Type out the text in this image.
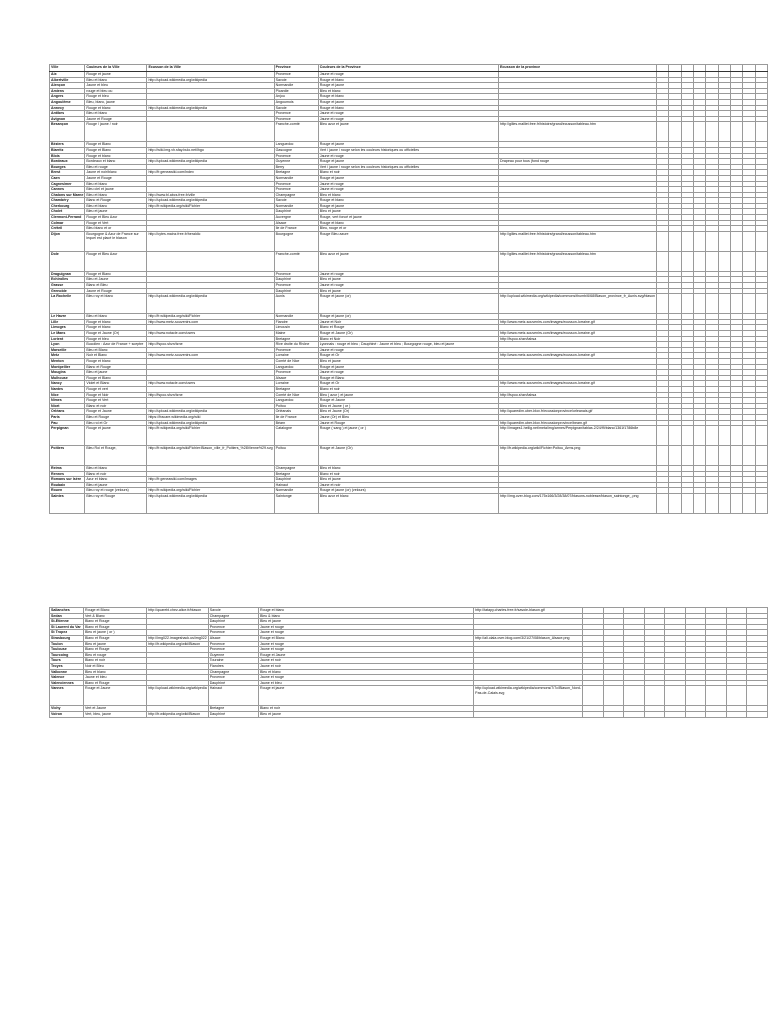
Ville	Couleurs de la Ville	Ecusson de la Ville	Province	Couleurs de la Province	Ecusson de la province									
Aix	Rouge et jaune		Provence	Jaune et rouge										
Albertville	Bleu et blanc	http://upload.wikimedia.org/wikipedia	Savoie	Rouge et blanc										
Alençon	Jaune et bleu		Normandie	Rouge et jaune										
Amiens	rouge et bleu ou		Picardie	Bleu et blanc										
Angers	Rouge et bleu		Anjou	Rouge et blanc										
Angoulême	Bleu, blanc, jaune		Angoumois	Rouge et jaune										
Annecy	Rouge et blanc	http://upload.wikimedia.org/wikipedia	Savoie	Rouge et blanc										
Antibes	Bleu et blanc		Provence	Jaune et rouge										
Avignon	Jaune et Rouge		Provence	Jaune et rouge										
Besançon	Rouge / jaune / noir		Franche-comté	Bleu azur et jaune	http://gilles.maillet.free.fr/histoire/grand/ecusson/tableau.htm									
Béziers	Rouge et Blanc		Languedoc	Rouge et jaune										
Biarritz	Rouge et Blanc	http://wiki.img.vh.sfay.bulo.net/lhgo	Gascogne	Vert / jaune / rouge selon les couleurs historiques ou officielles										
Blois	Rouge et blanc		Provence	Jaune et rouge										
Bordeaux	Bordeaux et blanc	http://upload.wikimedia.org/wikipedia	Guyenne	Rouge et jaune	Drapeau pour tous (fond rouge									
Bourges	Bleu et rouge		Berry	Vert / jaune / rouge selon les couleurs historiques ou officielles										
Brest	Jaune et noir/blanc	http://fr.geneawiki.com/index	Bretagne	Blanc et noir										
Caen	Jaune et Rouge		Normandie	Rouge et jaune										
Cagnes/mer	Bleu et blanc		Provence	Jaune et rouge										
Cannes	Bleu ciel et jaune		Provence	Jaune et rouge										
Chalons sur Marne	Bleu et blanc	http://www.bl.abcs.free.fr/ville	Champagne	Bleu et blanc										
Chambéry	Blanc et Rouge	http://upload.wikimedia.org/wikipedia	Savoie	Rouge et blanc										
Cherbourg	Bleu et blanc	http://fr.wikipedia.org/wiki/Fichier	Normandie	Rouge et jaune										
Cholet	Bleu et jaune		Dauphiné	Bleu et jaune										
Clermont-Ferrand	Rouge et Bleu Azur		Auvergne	Rouge, vert foncé et jaune										
Colmar	Rouge et Vert		Alsace	Rouge et blanc										
Créteil	Bleu blanc et or		Ile de France	Bleu, rouge et or										
Dijon	Bourgogne & Azur de France sur lequel est placé le blason	http://cytes.mainz.free.fr/heraldic	Bourgogne	Rouge Bleu azure	http://gilles.maillet.free.fr/histoire/grand/ecusson/tableau.htm									
Dole	Rouge et Bleu Azur		Franche-comté	Bleu azur et jaune	http://gilles.maillet.free.fr/histoire/grand/ecusson/tableau.htm									
Draguignan	Rouge et Blanc		Provence	Jaune et rouge										
Echirolles	Bleu et Jaune		Dauphiné	Bleu et jaune										
Grasse	Blanc et Bleu		Provence	Jaune et rouge										
Grenoble	Jaune et Rouge		Dauphiné	Bleu et jaune										
La Rochelle	Bleu roy et blanc	http://upload.wikimedia.org/wikipedia	Aunis	Rouge et jaune (or)	http://upload.wikimedia.org/wikipedia/commons/thumb/6/68/Blason_province_fr_Aunis.svg/blason									
Le Havre	Bleu et blanc	http://fr.wikipedia.org/wiki/Fichier	Normandie	Rouge et jaune (or)										
Lille	Rouge et blanc	http://www.metz-souvenirs.com	Flandre	Jaune et Noir	http://www.metz-souvenirs.com/images/ecusson-lorraine.gif									
Limoges	Rouge et blanc		Limousin	Blanc et Rouge										
Le Mans	Rouge et Jaune (Or)	http://www.notacle.com/users	Maine	Rouge et Jaune (Or)	http://www.metz-souvenirs.com/images/ecusson-lorraine.gif									
Lorient	Rouge et bleu		Bretagne	Blanc et Noir	http://fspoo.shzn/tabsa									
Lyon	Bucolien : Azur de France + sceptre	http://fspoo.shzn/tzne	Rive droite du Rhône	Lyonnais : rouge et bleu ; Dauphiné : Jaune et bleu ; Bourgogne rouge, bleu et jaune										
Marseille	Bleu et Blanc		Provence	Jaune et rouge										
Metz	Noir et Blanc	http://www.metz-souvenirs.com	Lorraine	Rouge et Or	http://www.metz-souvenirs.com/images/ecusson-lorraine.gif									
Menton	Rouge et blanc		Comté de Nice	Bleu et jaune										
Montpellier	Blanc et Rouge		Languedoc	Rouge et jaune										
Mougins	Bleu et jaune		Provence	Jaune et rouge										
Mulhouse	Rouge et Blanc		Alsace	Rouge et Blanc										
Nancy	Violet et Blanc	http://www.notacle.com/users	Lorraine	Rouge et Or	http://www.metz-souvenirs.com/images/ecusson-lorraine.gif									
Nantes	Rouge et vert		Bretagne	Blanc et noir										
Nice	Rouge et Noir	http://fspoo.shzn/tzne	Comté de Nice	Bleu ( azur ) et jaune	http://fspoo.shzn/tabsa									
Nîmes	Rouge et Vert		Languedoc	Rouge et Jaune										
Niort	Blanc et noir		Poitou	Bleu et Jaune ( or )										
Orléans	Rouge et Jaune	http://upload.wikimedia.org/wikipedia	Orléanais	Bleu et Jaune (Or)	http://quaredim.uber-blox.fr/ecussionprovince/orleanais.gif									
Paris	Bleu et Rouge	https://fracare.wikimedia.org/wiki	Ile de France	Jaune (Or) et Bleu										
Pau	Bleu roi et Or	http://upload.wikimedia.org/wikipedia	Béarn	Jaune et Rouge	http://quaredim.uber-blox.fr/ecussionprovince/bearn.gif									
Perpignan	Rouge et jaune	http://fr.wikipedia.org/wiki/Fichier	Catalogne	Rouge ( sang ) et jaune ( or )	http://images1.hellig.net/meta/img/armes/Perpignan/tablas.2/24/f9/blanc/1361f1786b8e									
Poitiers	Bleu Roi et Rouge,	http://fr.wikipedia.org/wiki/Fichier:Blason_ville_fr_Poitiers_%28Vienne%29.svg	Poitou	Rouge et Jaune (Or)	http://fr.wikipedia.org/wiki/Fichier:Poitou_Arms.png									
Reims	Bleu et blanc		Champagne	Bleu et blanc										
Rennes	Blanc et noir		Bretagne	Blanc et noir										
Romans sur Isère	Azur et blanc	http://fr.geneawiki.com/images	Dauphiné	Bleu et jaune										
Roubaix	Bleu et jaune		Hainaut	Jaune et noir										
Rouen	Bleu roy et rouge (velours)	http://fr.wikipedia.org/wiki/Fichier	Normandie	Rouge et jaune (or) (velours)										
Saintes	Bleu roy et Rouge	http://upload.wikimedia.org/wikipedia	Saintonge	Bleu azur et blanc	http://img.over-blog.com/175x166/3/28/38/07/blasons-noblesse/blason_saintonge_.png									
Sallanches	Rouge et Blanc	http://quarebl.chez-alice.fr/blason	Savoie	Rouge et blanc	http://tatapy.charles.free.fr/savoie-blason.gif									
Sedan	Vert & Blanc		Champagne	Bleu & blanc										
St-Etienne	Blanc et Rouge		Dauphiné	Bleu et jaune										
St Laurent du Var	Blanc et Rouge		Provence	Jaune et rouge										
St Tropez	Bleu et jaune ( or )		Provence	Jaune et rouge										
Strasbourg	Blanc et Rouge	http://img022.imageshack.us/img022	Alsace	Rouge et Blanc	http://ali.olala.over-blog.com/3/21/27/08/blason_Alsace.png									
Toulon	Bleu et jaune	http://fr.wikipedia.org/wiki/Blason	Provence	Jaune et rouge										
Toulouse	Blanc et Rouge		Provence	Jaune et rouge										
Tourcoing	Bleu et rouge		Guyenne	Rouge et Jaune										
Tours	Blanc et noir		Touraine	Jaune et noir										
Troyes	Noir et Bleu		Flandres	Jaune et noir										
Valbonne	Bleu et blanc		Champagne	Bleu et blanc										
Valence	Jaune et bleu		Provence	Jaune et rouge										
Valenciennes	Blanc et Rouge		Dauphiné	Jaune et bleu										
Vannes	Rouge et Jaune	http://upload.wikimedia.org/wikipedia	Hainaut	Rouge et jaune	http://upload.wikimedia.org/wikipedia/commons/7/7c/Blason_Nord-Pas-de-Calais.svg									
Vichy	Vert et Jaune		Bretagne	Blanc et noir										
Voiron	Vert, bleu, jaune	http://fr.wikipedia.org/wiki/Blason	Dauphiné	Bleu et jaune										
